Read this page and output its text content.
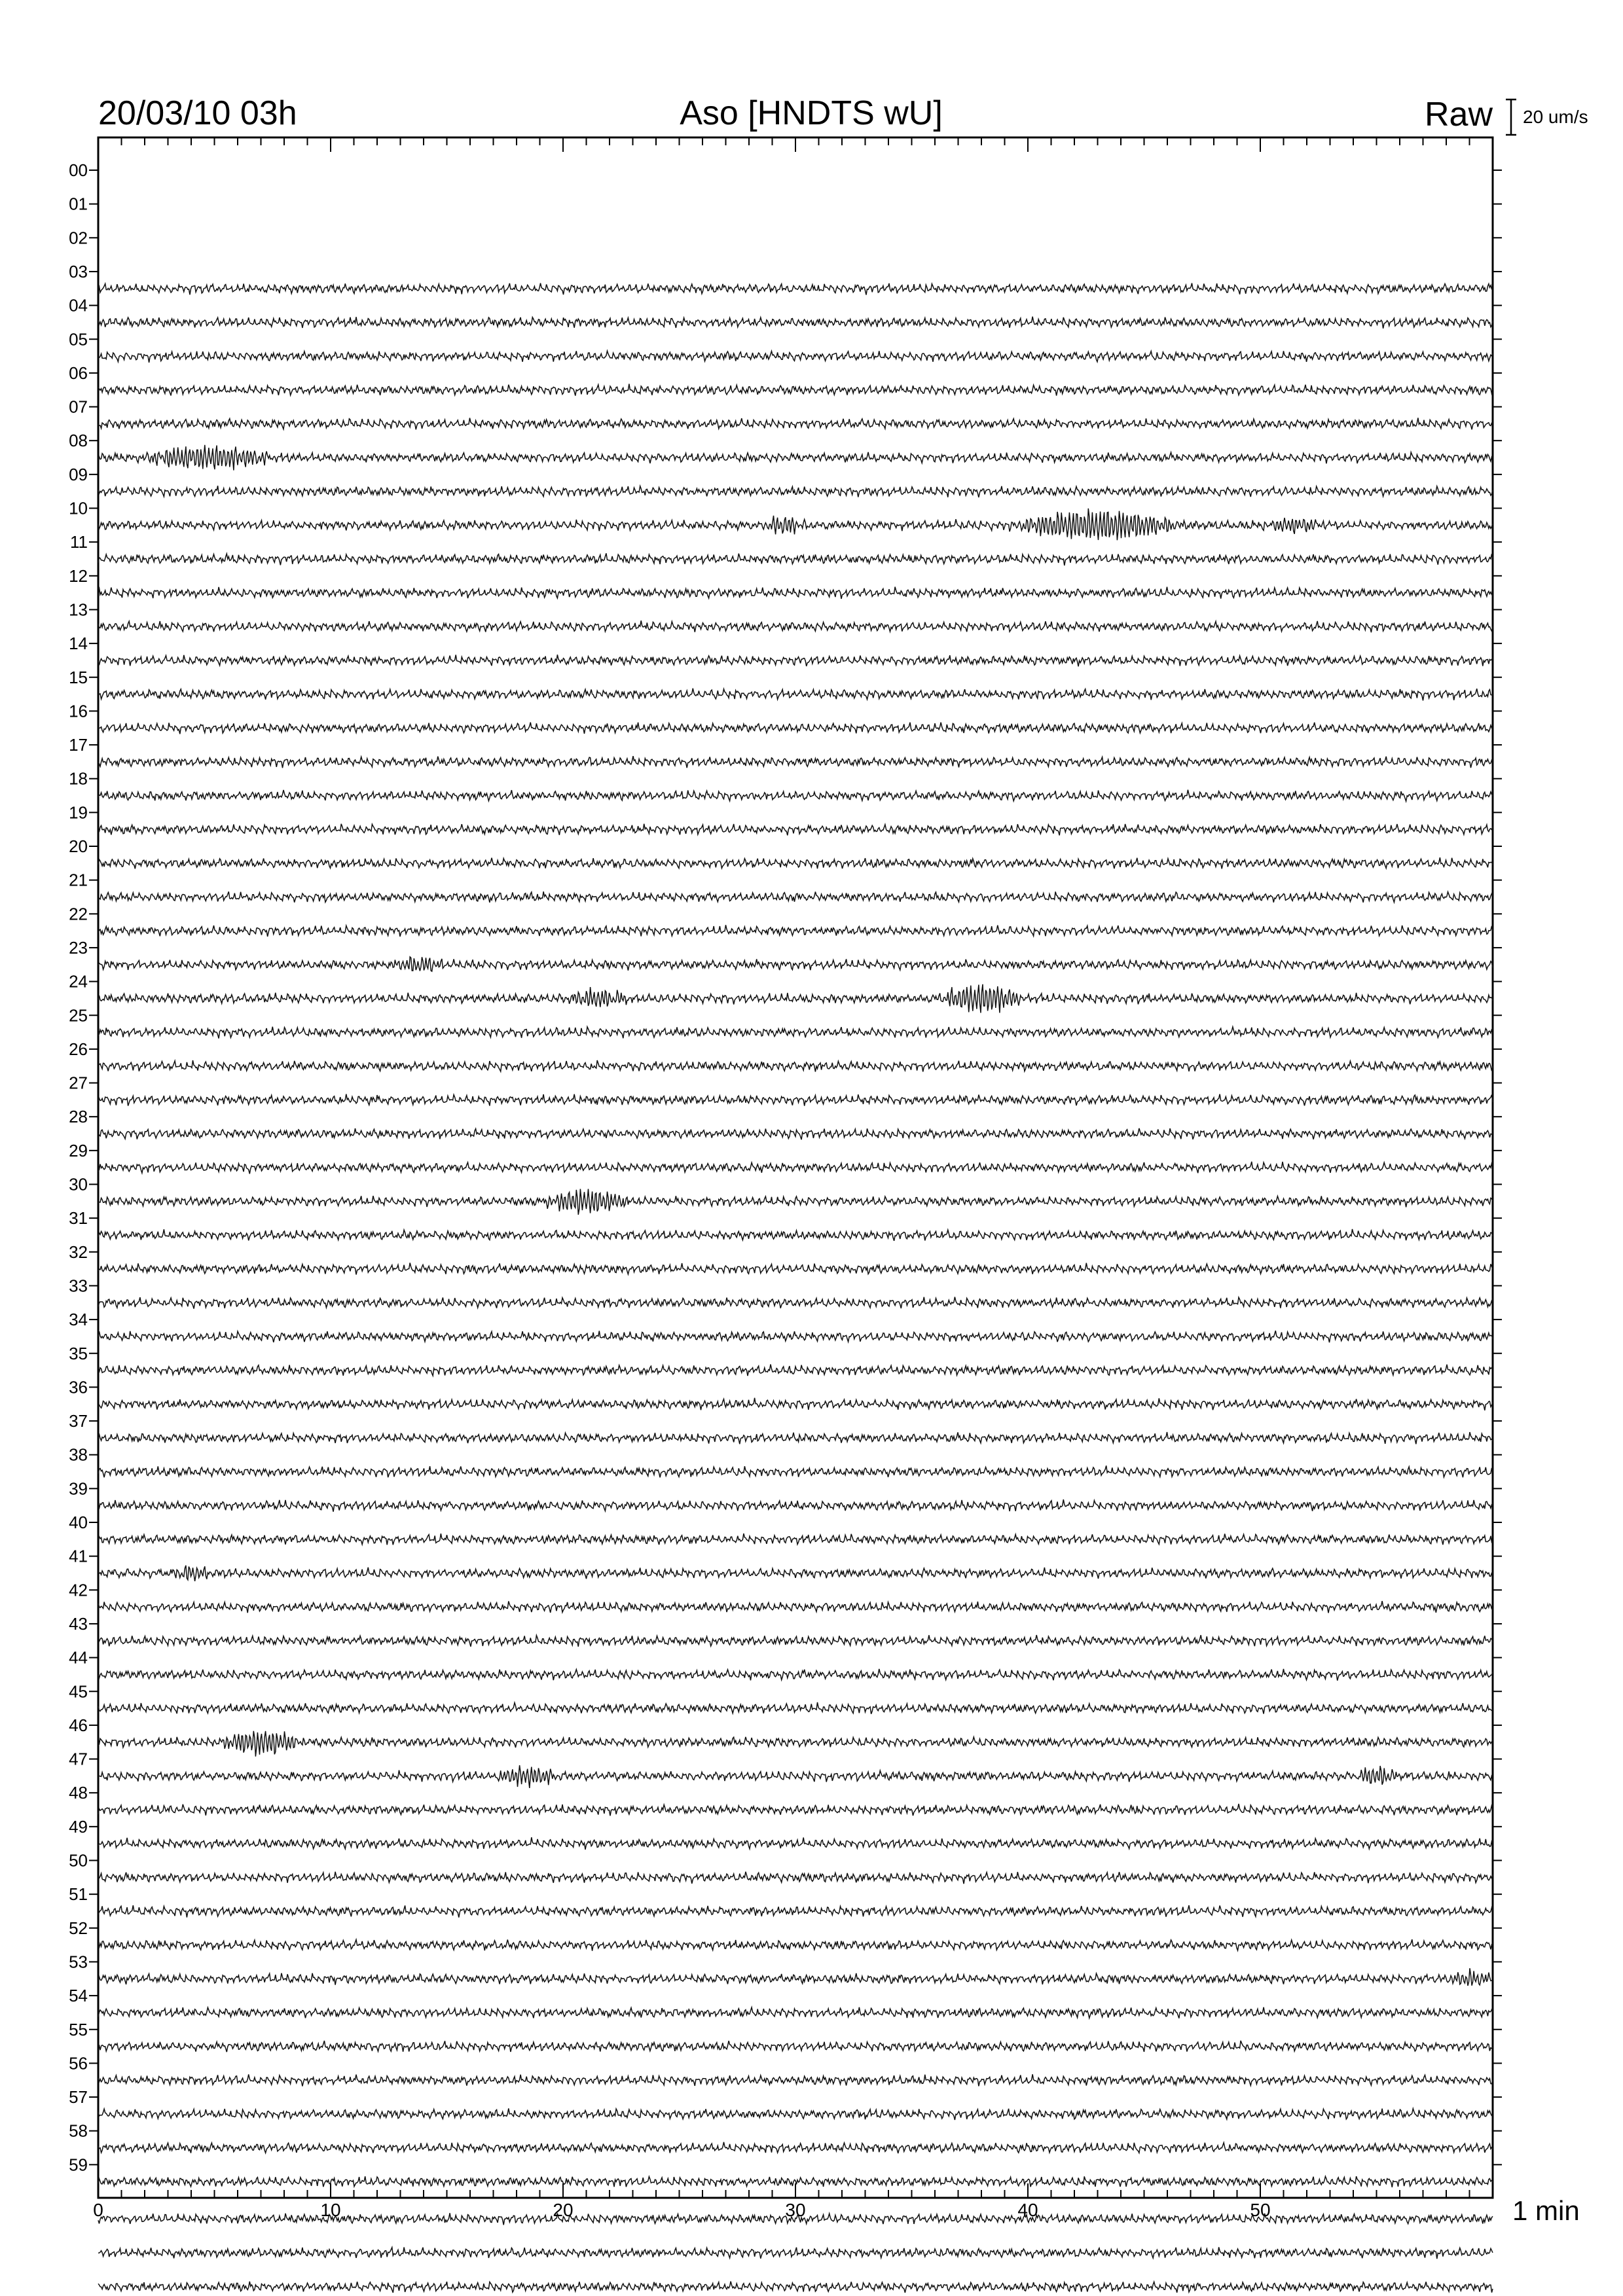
20/03/10 03h	Aso [HNDTS wU]	Raw 20 um/s
00
01
02
03
04
05
06
07
08
09
10
11
12
13
14
15
16
17
18
19
20
21
22
23
24
25
26
27
28
29
30
31
32
33
34
35
36
37
38
39
40
41
42
43
44
45
46
47
48
49
50
51
52
53
54
55
56
57
58
59
0	10	20	30	40	50	1 min
